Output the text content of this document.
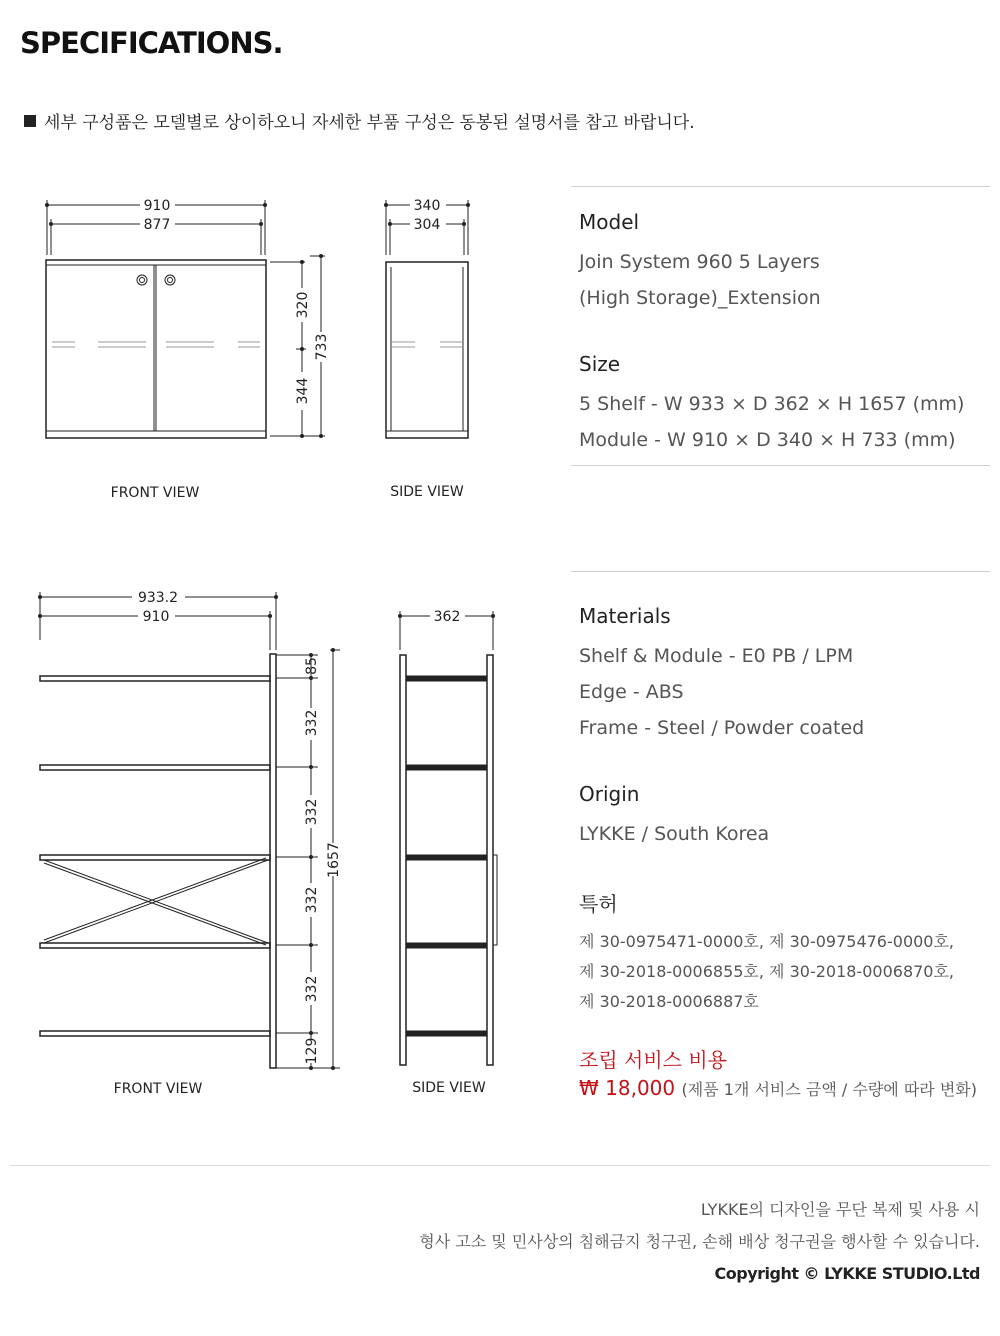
SPECIFICATIONS.
세부 구성품은 모델별로 상이하오니 자세한 부품 구성은 동봉된 설명서를 참고 바랍니다.
910
877
340
304
320
344
733
FRONT VIEW	SIDE VIEW
933.2
910	362
85
332
332
332
332
129
1657
FRONT VIEW	SIDE VIEW
Model
Join System 960 5 Layers
(High Storage)_Extension
Size
5 Shelf - W 933 × D 362 × H 1657 (mm)
Module - W 910 × D 340 × H 733 (mm)
Materials
Shelf & Module - E0 PB / LPM
Edge - ABS
Frame - Steel / Powder coated
Origin
LYKKE / South Korea
특허
제 30-0975471-0000호, 제 30-0975476-0000호,
제 30-2018-0006855호, 제 30-2018-0006870호,
제 30-2018-0006887호
조립 서비스 비용
₩ 18,000 (제품 1개 서비스 금액 / 수량에 따라 변화)
LYKKE의 디자인을 무단 복제 및 사용 시
형사 고소 및 민사상의 침해금지 청구권, 손해 배상 청구권을 행사할 수 있습니다.
Copyright © LYKKE STUDIO.Ltd
